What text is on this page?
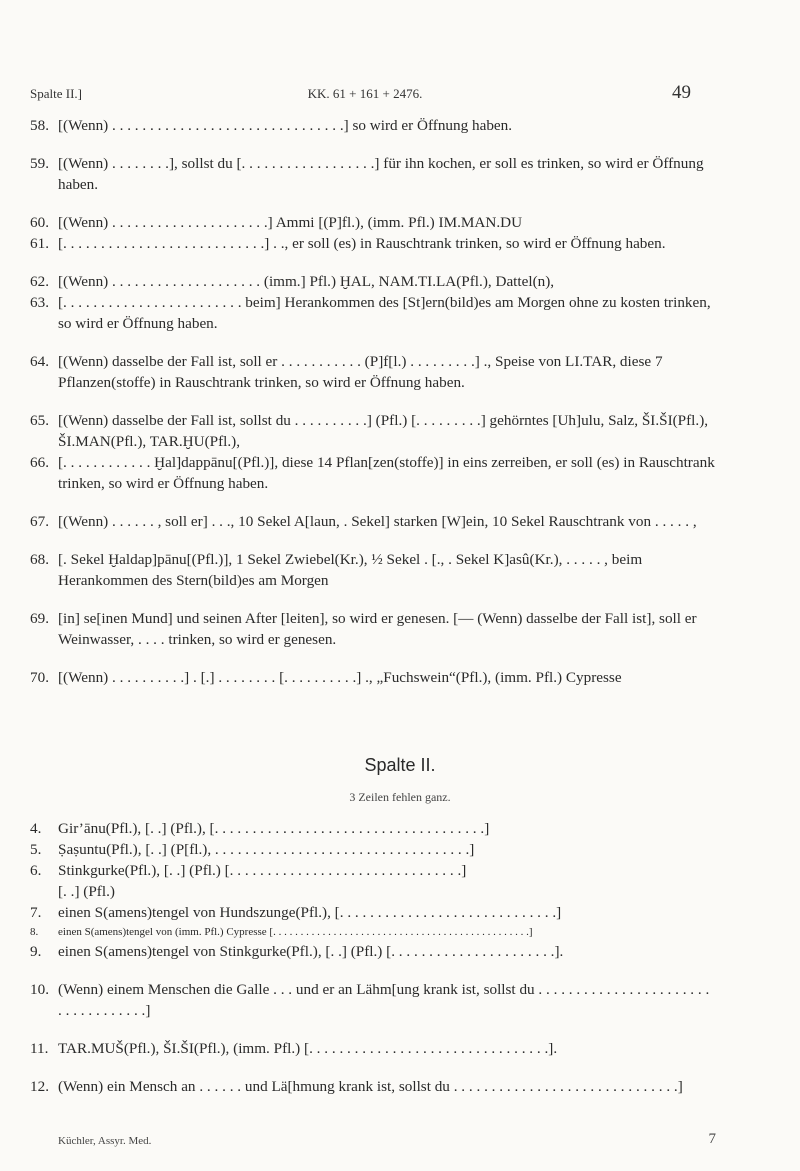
Spalte II.]	KK. 61 + 161 + 2476.	49
58. [(Wenn) . . . . . . . . . . . . . . . . . . . . . . . . . . . . . . .] so wird er Öffnung haben.
59. [(Wenn) . . . . . . . .], sollst du [. . . . . . . . . . . . . . . . . .] für ihn kochen, er soll es trinken, so wird er Öffnung haben.
60. [(Wenn) . . . . . . . . . . . . . . . . . . . . .] Ammi [(P]fl.), (imm. Pfl.) IM.MAN.DU
61. [. . . . . . . . . . . . . . . . . . . . . . . . . . .] . ., er soll (es) in Rauschtrank trinken, so wird er Öffnung haben.
62. [(Wenn) . . . . . . . . . . . . . . . . . . . . (imm.] Pfl.) ḪAL, NAM.TI.LA(Pfl.), Dattel(n),
63. [. . . . . . . . . . . . . . . . . . . . . . . . beim] Herankommen des [St]ern(bild)es am Morgen ohne zu kosten trinken, so wird er Öffnung haben.
64. [(Wenn) dasselbe der Fall ist, soll er . . . . . . . . . . . (P]f[l.) . . . . . . . . .] ., Speise von LI.TAR, diese 7 Pflanzen(stoffe) in Rauschtrank trinken, so wird er Öffnung haben.
65. [(Wenn) dasselbe der Fall ist, sollst du . . . . . . . . . .] (Pfl.) [. . . . . . . . .] gehörntes [Uh]ulu, Salz, ŠI.ŠI(Pfl.), ŠI.MAN(Pfl.), TAR.ḪU(Pfl.),
66. [. . . . . . . . . . . . Ḫal]dappānu[(Pfl.)], diese 14 Pflan[zen(stoffe)] in eins zerreiben, er soll (es) in Rauschtrank trinken, so wird er Öffnung haben.
67. [(Wenn) . . . . . . , soll er] . . ., 10 Sekel A[laun, . Sekel] starken [W]ein, 10 Sekel Rauschtrank von . . . . . ,
68. [. Sekel Ḫaldap]pānu[(Pfl.)], 1 Sekel Zwiebel(Kr.), ½ Sekel . [., . Sekel K]asû(Kr.), . . . . . , beim Herankommen des Stern(bild)es am Morgen
69. [in] se[inen Mund] und seinen After [leiten], so wird er genesen. [— (Wenn) dasselbe der Fall ist], soll er Weinwasser, . . . . trinken, so wird er genesen.
70. [(Wenn) . . . . . . . . . .] . [.] . . . . . . . . [. . . . . . . . . .] ., „Fuchswein“(Pfl.), (imm. Pfl.) Cypresse
Spalte II.
3 Zeilen fehlen ganz.
4.	Gir’ānu(Pfl.), [. .] (Pfl.), [. . . . . . . . . . . . . . . . . . . . . . . . . . . . . . . . . . . .]
5.	Ṣaṣuntu(Pfl.), [. .] (P[fl.), . . . . . . . . . . . . . . . . . . . . . . . . . . . . . . . . . .]
6.	Stinkgurke(Pfl.), [. .] (Pfl.) [. . . . . . . . . . . . . . . . . . . . . . . . . . . . . . .]
[. .] (Pfl.)
7.	einen S(amens)tengel von Hundszunge(Pfl.), [. . . . . . . . . . . . . . . . . . . . . . . . . . . . .]
8.	einen S(amens)tengel von (imm. Pfl.) Cypresse [. . . . . . . . . . . . . . . . . . . . . . . . . . . . . . . . . . . . . . . . . . . . . . .]
9.	einen S(amens)tengel von Stinkgurke(Pfl.), [. .] (Pfl.) [. . . . . . . . . . . . . . . . . . . . . .].
10. (Wenn) einem Menschen die Galle . . . und er an Lähm[ung krank ist, sollst du . . . . . . . . . . . . . . . . . . . . . . . . . . . . . . . . . . .]
11. TAR.MUŠ(Pfl.), ŠI.ŠI(Pfl.), (imm. Pfl.) [. . . . . . . . . . . . . . . . . . . . . . . . . . . . . . . .].
12. (Wenn) ein Mensch an . . . . . . und Lä[hmung krank ist, sollst du . . . . . . . . . . . . . . . . . . . . . . . . . . . . . .]
Küchler, Assyr. Med.	7
